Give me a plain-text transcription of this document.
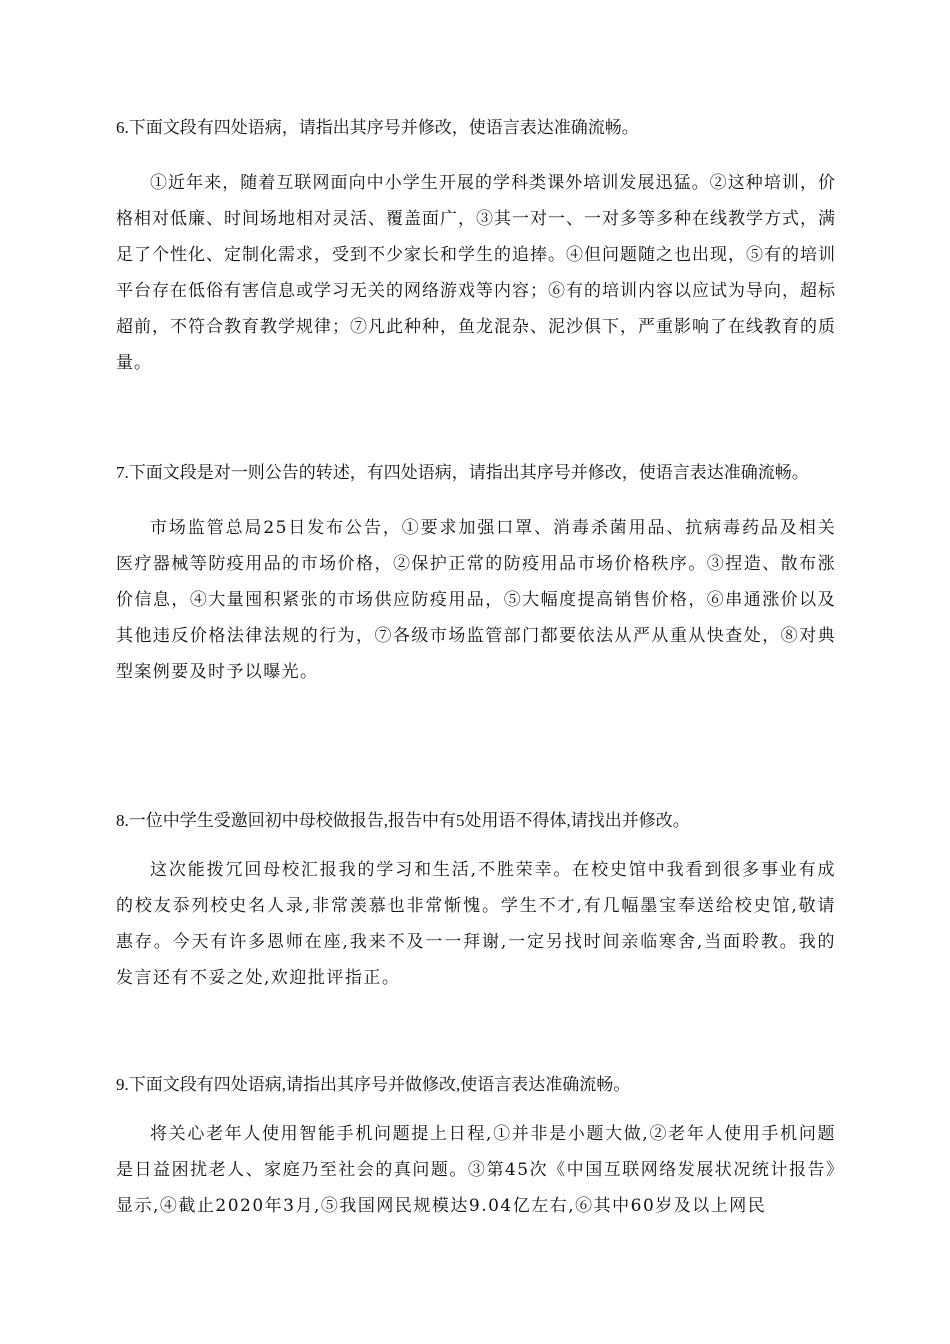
6.下面文段有四处语病，请指出其序号并修改，使语言表达准确流畅。

①近年来，随着互联网面向中小学生开展的学科类课外培训发展迅猛。②这种培训，价格相对低廉、时间场地相对灵活、覆盖面广，③其一对一、一对多等多种在线教学方式，满足了个性化、定制化需求，受到不少家长和学生的追捧。④但问题随之也出现，⑤有的培训平台存在低俗有害信息或学习无关的网络游戏等内容；⑥有的培训内容以应试为导向，超标超前，不符合教育教学规律；⑦凡此种种，鱼龙混杂、泥沙俱下，严重影响了在线教育的质量。

7.下面文段是对一则公告的转述，有四处语病，请指出其序号并修改，使语言表达准确流畅。

市场监管总局25日发布公告，①要求加强口罩、消毒杀菌用品、抗病毒药品及相关医疗器械等防疫用品的市场价格，②保护正常的防疫用品市场价格秩序。③捏造、散布涨价信息，④大量囤积紧张的市场供应防疫用品，⑤大幅度提高销售价格，⑥串通涨价以及其他违反价格法律法规的行为，⑦各级市场监管部门都要依法从严从重从快查处，⑧对典型案例要及时予以曝光。

8.一位中学生受邀回初中母校做报告,报告中有5处用语不得体,请找出并修改。

这次能拨冗回母校汇报我的学习和生活,不胜荣幸。在校史馆中我看到很多事业有成的校友忝列校史名人录,非常羡慕也非常惭愧。学生不才,有几幅墨宝奉送给校史馆,敬请惠存。今天有许多恩师在座,我来不及一一拜谢,一定另找时间亲临寒舍,当面聆教。我的发言还有不妥之处,欢迎批评指正。

9.下面文段有四处语病,请指出其序号并做修改,使语言表达准确流畅。

将关心老年人使用智能手机问题提上日程,①并非是小题大做,②老年人使用手机问题是日益困扰老人、家庭乃至社会的真问题。③第45次《中国互联网络发展状况统计报告》显示,④截止2020年3月,⑤我国网民规模达9.04亿左右,⑥其中60岁及以上网民
